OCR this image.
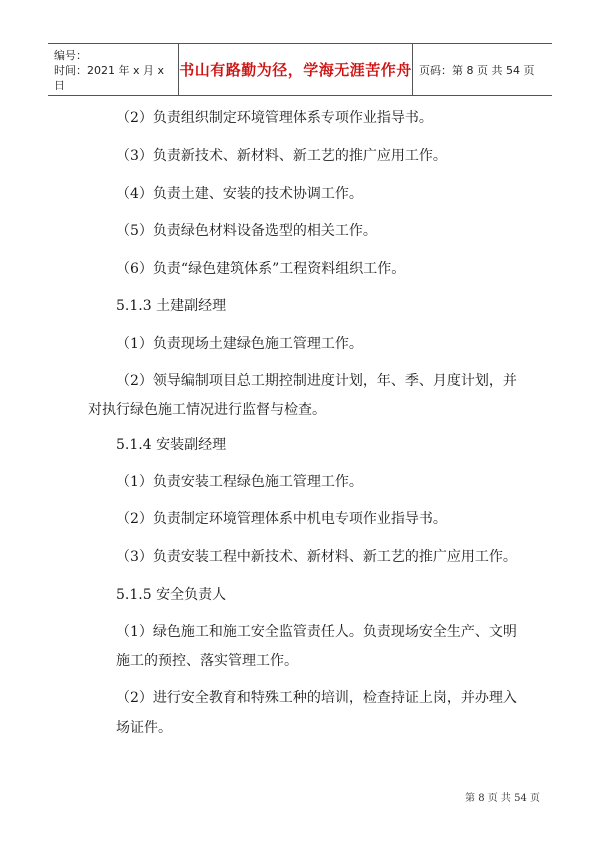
编号：
时间：2021 年 x 月 x 日
书山有路勤为径，学海无涯苦作舟 页码：第 8 页 共 54 页
（2）负责组织制定环境管理体系专项作业指导书。
（3）负责新技术、新材料、新工艺的推广应用工作。
（4）负责土建、安装的技术协调工作。
（5）负责绿色材料设备选型的相关工作。
（6）负责“绿色建筑体系”工程资料组织工作。
5.1.3 土建副经理
（1）负责现场土建绿色施工管理工作。
（2）领导编制项目总工期控制进度计划，年、季、月度计划，并
对执行绿色施工情况进行监督与检查。
5.1.4 安装副经理
（1）负责安装工程绿色施工管理工作。
（2）负责制定环境管理体系中机电专项作业指导书。
（3）负责安装工程中新技术、新材料、新工艺的推广应用工作。
5.1.5 安全负责人
（1）绿色施工和施工安全监管责任人。负责现场安全生产、文明
施工的预控、落实管理工作。
（2）进行安全教育和特殊工种的培训，检查持证上岗，并办理入
场证件。
第 8 页 共 54 页
